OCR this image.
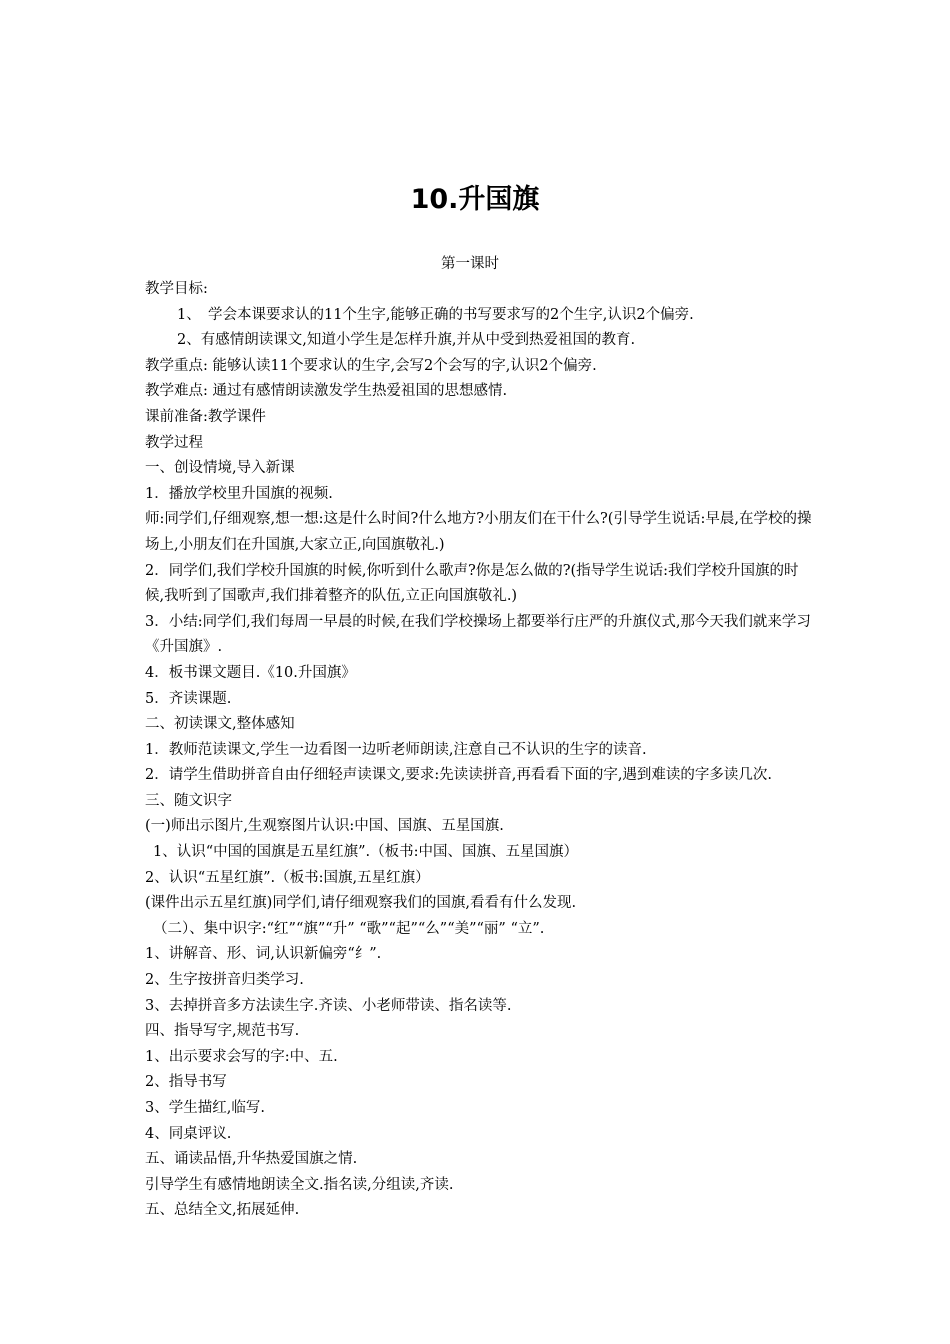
10.升国旗
第一课时

教学目标:

1、　学会本课要求认的11个生字,能够正确的书写要求写的2个生字,认识2个偏旁.

2、有感情朗读课文,知道小学生是怎样升旗,并从中受到热爱祖国的教育.

教学重点: 能够认读11个要求认的生字,会写2个会写的字,认识2个偏旁.

教学难点: 通过有感情朗读激发学生热爱祖国的思想感情.

课前准备:教学课件

教学过程

一、创设情境,导入新课

1．播放学校里升国旗的视频.

师:同学们,仔细观察,想一想:这是什么时间?什么地方?小朋友们在干什么?(引导学生说话:早晨,在学校的操场上,小朋友们在升国旗,大家立正,向国旗敬礼.)

2．同学们,我们学校升国旗的时候,你听到什么歌声?你是怎么做的?(指导学生说话:我们学校升国旗的时候,我听到了国歌声,我们排着整齐的队伍,立正向国旗敬礼.)

3．小结:同学们,我们每周一早晨的时候,在我们学校操场上都要举行庄严的升旗仪式,那今天我们就来学习《升国旗》.

4．板书课文题目.《10.升国旗》

5．齐读课题.

二、初读课文,整体感知

1．教师范读课文,学生一边看图一边听老师朗读,注意自己不认识的生字的读音.

2．请学生借助拼音自由仔细轻声读课文,要求:先读读拼音,再看看下面的字,遇到难读的字多读几次.

三、随文识字

(一)师出示图片,生观察图片认识:中国、国旗、五星国旗.

1、认识“中国的国旗是五星红旗”.（板书:中国、国旗、五星国旗）

2、认识“五星红旗”.（板书:国旗,五星红旗）

(课件出示五星红旗)同学们,请仔细观察我们的国旗,看看有什么发现.

（二）、集中识字:“红”“旗”“升” “歌”“起”“么”“美”“丽” “立”.

1、讲解音、形、词,认识新偏旁“纟”.

2、生字按拼音归类学习.

3、去掉拼音多方法读生字.齐读、小老师带读、指名读等.

四、指导写字,规范书写.

1、出示要求会写的字:中、五.

2、指导书写

3、学生描红,临写.

4、同桌评议.

五、诵读品悟,升华热爱国旗之情.

引导学生有感情地朗读全文.指名读,分组读,齐读.

五、总结全文,拓展延伸.
